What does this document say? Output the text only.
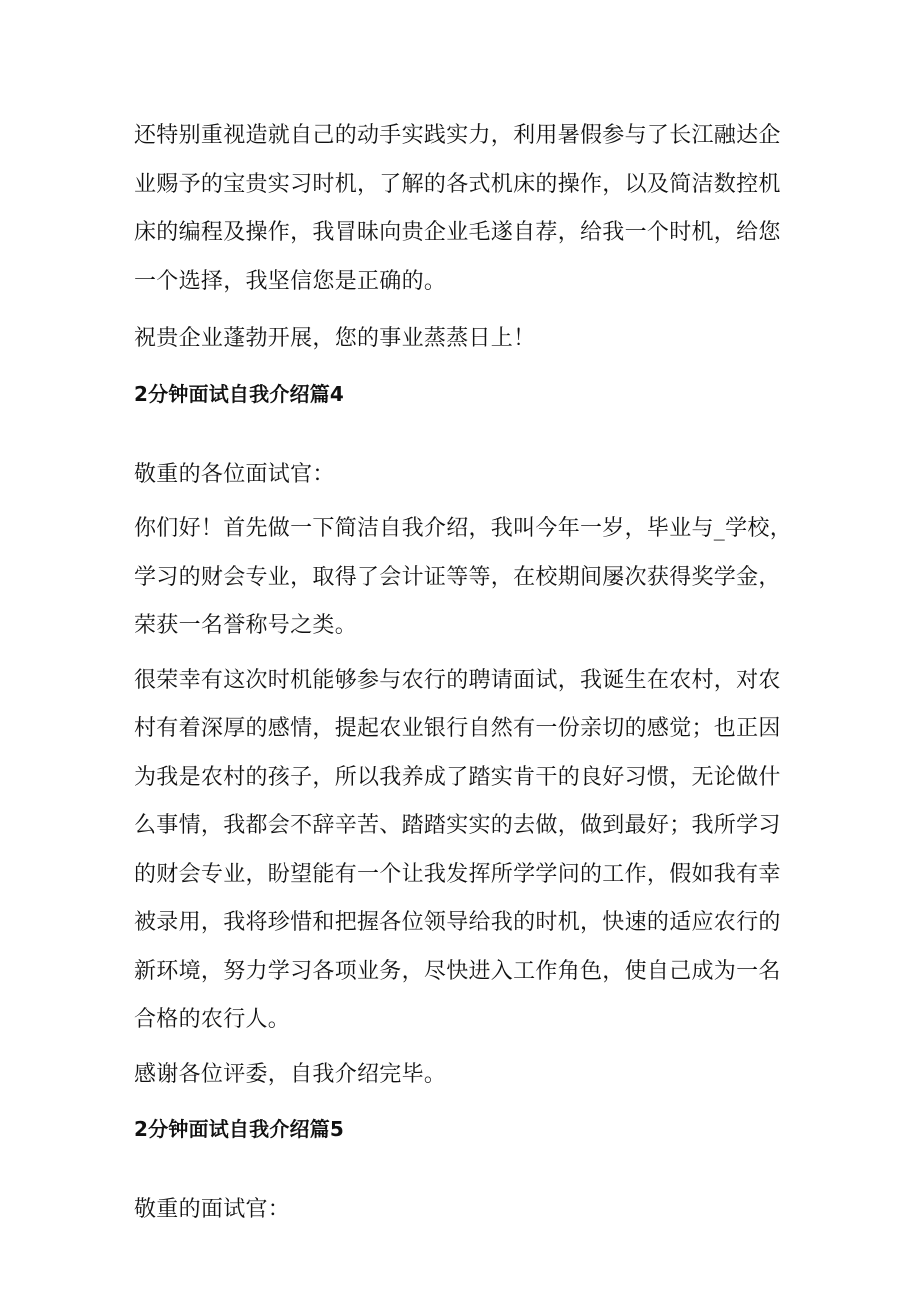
还特别重视造就自己的动手实践实力，利用暑假参与了长江融达企业赐予的宝贵实习时机，了解的各式机床的操作，以及简洁数控机床的编程及操作，我冒昧向贵企业毛遂自荐，给我一个时机，给您一个选择，我坚信您是正确的。

祝贵企业蓬勃开展，您的事业蒸蒸日上！

2分钟面试自我介绍篇4

敬重的各位面试官：

你们好！首先做一下简洁自我介绍，我叫今年一岁，毕业与_学校，学习的财会专业，取得了会计证等等，在校期间屡次获得奖学金，荣获一名誉称号之类。

很荣幸有这次时机能够参与农行的聘请面试，我诞生在农村，对农村有着深厚的感情，提起农业银行自然有一份亲切的感觉；也正因为我是农村的孩子，所以我养成了踏实肯干的良好习惯，无论做什么事情，我都会不辞辛苦、踏踏实实的去做，做到最好；我所学习的财会专业，盼望能有一个让我发挥所学学问的工作，假如我有幸被录用，我将珍惜和把握各位领导给我的时机，快速的适应农行的新环境，努力学习各项业务，尽快进入工作角色，使自己成为一名合格的农行人。

感谢各位评委，自我介绍完毕。

2分钟面试自我介绍篇5

敬重的面试官：
